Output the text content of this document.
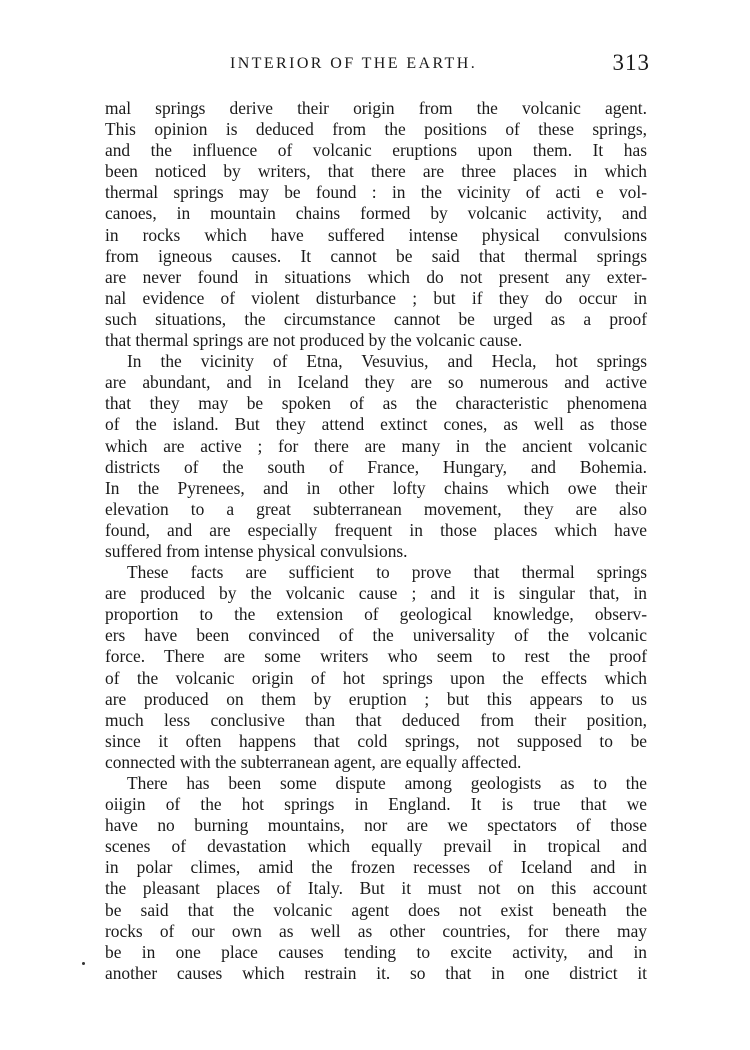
INTERIOR OF THE EARTH.	313
mal springs derive their origin from the volcanic agent.
This opinion is deduced from the positions of these springs,
and the influence of volcanic eruptions upon them. It has
been noticed by writers, that there are three places in which
thermal springs may be found : in the vicinity of acti e vol-
canoes, in mountain chains formed by volcanic activity, and
in rocks which have suffered intense physical convulsions
from igneous causes. It cannot be said that thermal springs
are never found in situations which do not present any exter-
nal evidence of violent disturbance ; but if they do occur in
such situations, the circumstance cannot be urged as a proof
that thermal springs are not produced by the volcanic cause.
In the vicinity of Etna, Vesuvius, and Hecla, hot springs
are abundant, and in Iceland they are so numerous and active
that they may be spoken of as the characteristic phenomena
of the island. But they attend extinct cones, as well as those
which are active ; for there are many in the ancient volcanic
districts of the south of France, Hungary, and Bohemia.
In the Pyrenees, and in other lofty chains which owe their
elevation to a great subterranean movement, they are also
found, and are especially frequent in those places which have
suffered from intense physical convulsions.
These facts are sufficient to prove that thermal springs
are produced by the volcanic cause ; and it is singular that, in
proportion to the extension of geological knowledge, observ-
ers have been convinced of the universality of the volcanic
force. There are some writers who seem to rest the proof
of the volcanic origin of hot springs upon the effects which
are produced on them by eruption ; but this appears to us
much less conclusive than that deduced from their position,
since it often happens that cold springs, not supposed to be
connected with the subterranean agent, are equally affected.
There has been some dispute among geologists as to the
oiigin of the hot springs in England. It is true that we
have no burning mountains, nor are we spectators of those
scenes of devastation which equally prevail in tropical and
in polar climes, amid the frozen recesses of Iceland and in
the pleasant places of Italy. But it must not on this account
be said that the volcanic agent does not exist beneath the
rocks of our own as well as other countries, for there may
be in one place causes tending to excite activity, and in
another causes which restrain it. so that in one district it
